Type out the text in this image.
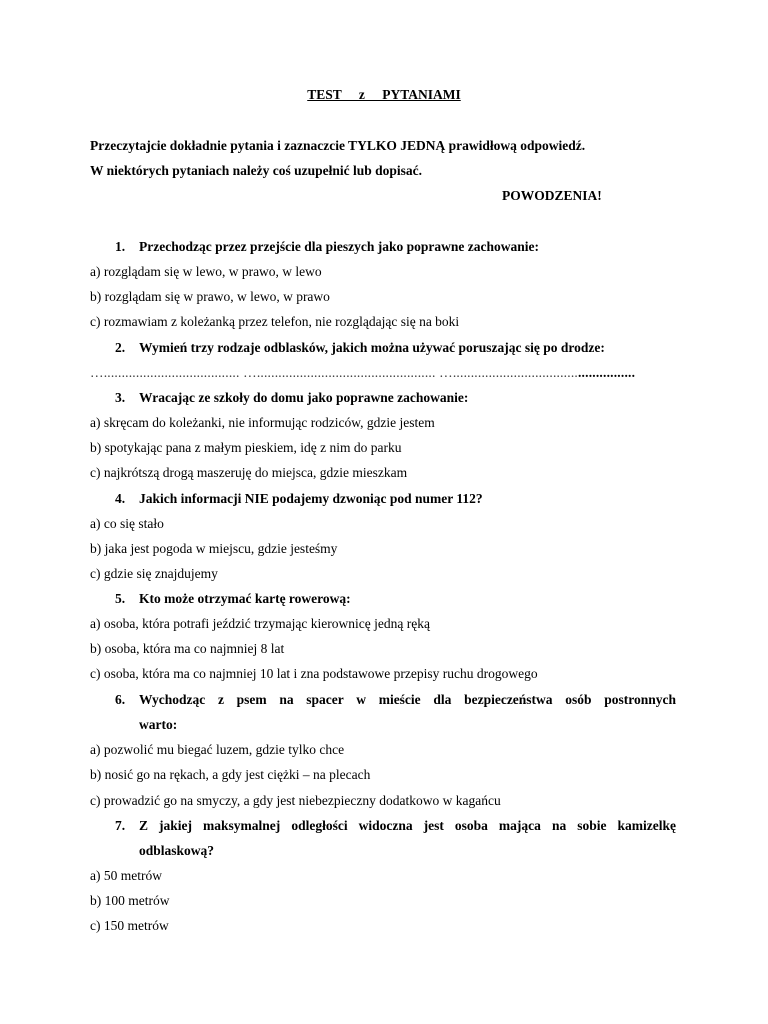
TEST z PYTANIAMI
Przeczytajcie dokładnie pytania i zaznaczcie TYLKO JEDNĄ prawidłową odpowiedź.
W niektórych pytaniach należy coś uzupełnić lub dopisać.
POWODZENIA!
1. Przechodząc przez przejście dla pieszych jako poprawne zachowanie:
a) rozglądam się w lewo, w prawo, w lewo
b) rozglądam się w prawo, w lewo, w prawo
c) rozmawiam z koleżanką przez telefon, nie rozglądając się na boki
2. Wymień trzy rodzaje odblasków, jakich można używać poruszając się po drodze:
…...................................... ….................................................. …...................................................
3. Wracając ze szkoły do domu jako poprawne zachowanie:
a) skręcam do koleżanki, nie informując rodziców, gdzie jestem
b) spotykając pana z małym pieskiem, idę z nim do parku
c) najkrótszą drogą maszeruję do miejsca, gdzie mieszkam
4. Jakich informacji NIE podajemy dzwoniąc pod numer 112?
a) co się stało
b) jaka jest pogoda w miejscu, gdzie jesteśmy
c) gdzie się znajdujemy
5. Kto może otrzymać kartę rowerową:
a) osoba, która potrafi jeździć trzymając kierownicę jedną ręką
b) osoba, która ma co najmniej 8 lat
c) osoba, która ma co najmniej 10 lat i zna podstawowe przepisy ruchu drogowego
6. Wychodząc z psem na spacer w mieście dla bezpieczeństwa osób postronnych
warto:
a) pozwolić mu biegać luzem, gdzie tylko chce
b) nosić go na rękach, a gdy jest ciężki – na plecach
c) prowadzić go na smyczy, a gdy jest niebezpieczny dodatkowo w kagańcu
7. Z jakiej maksymalnej odległości widoczna jest osoba mająca na sobie kamizelkę
odblaskową?
a) 50 metrów
b) 100 metrów
c) 150 metrów
